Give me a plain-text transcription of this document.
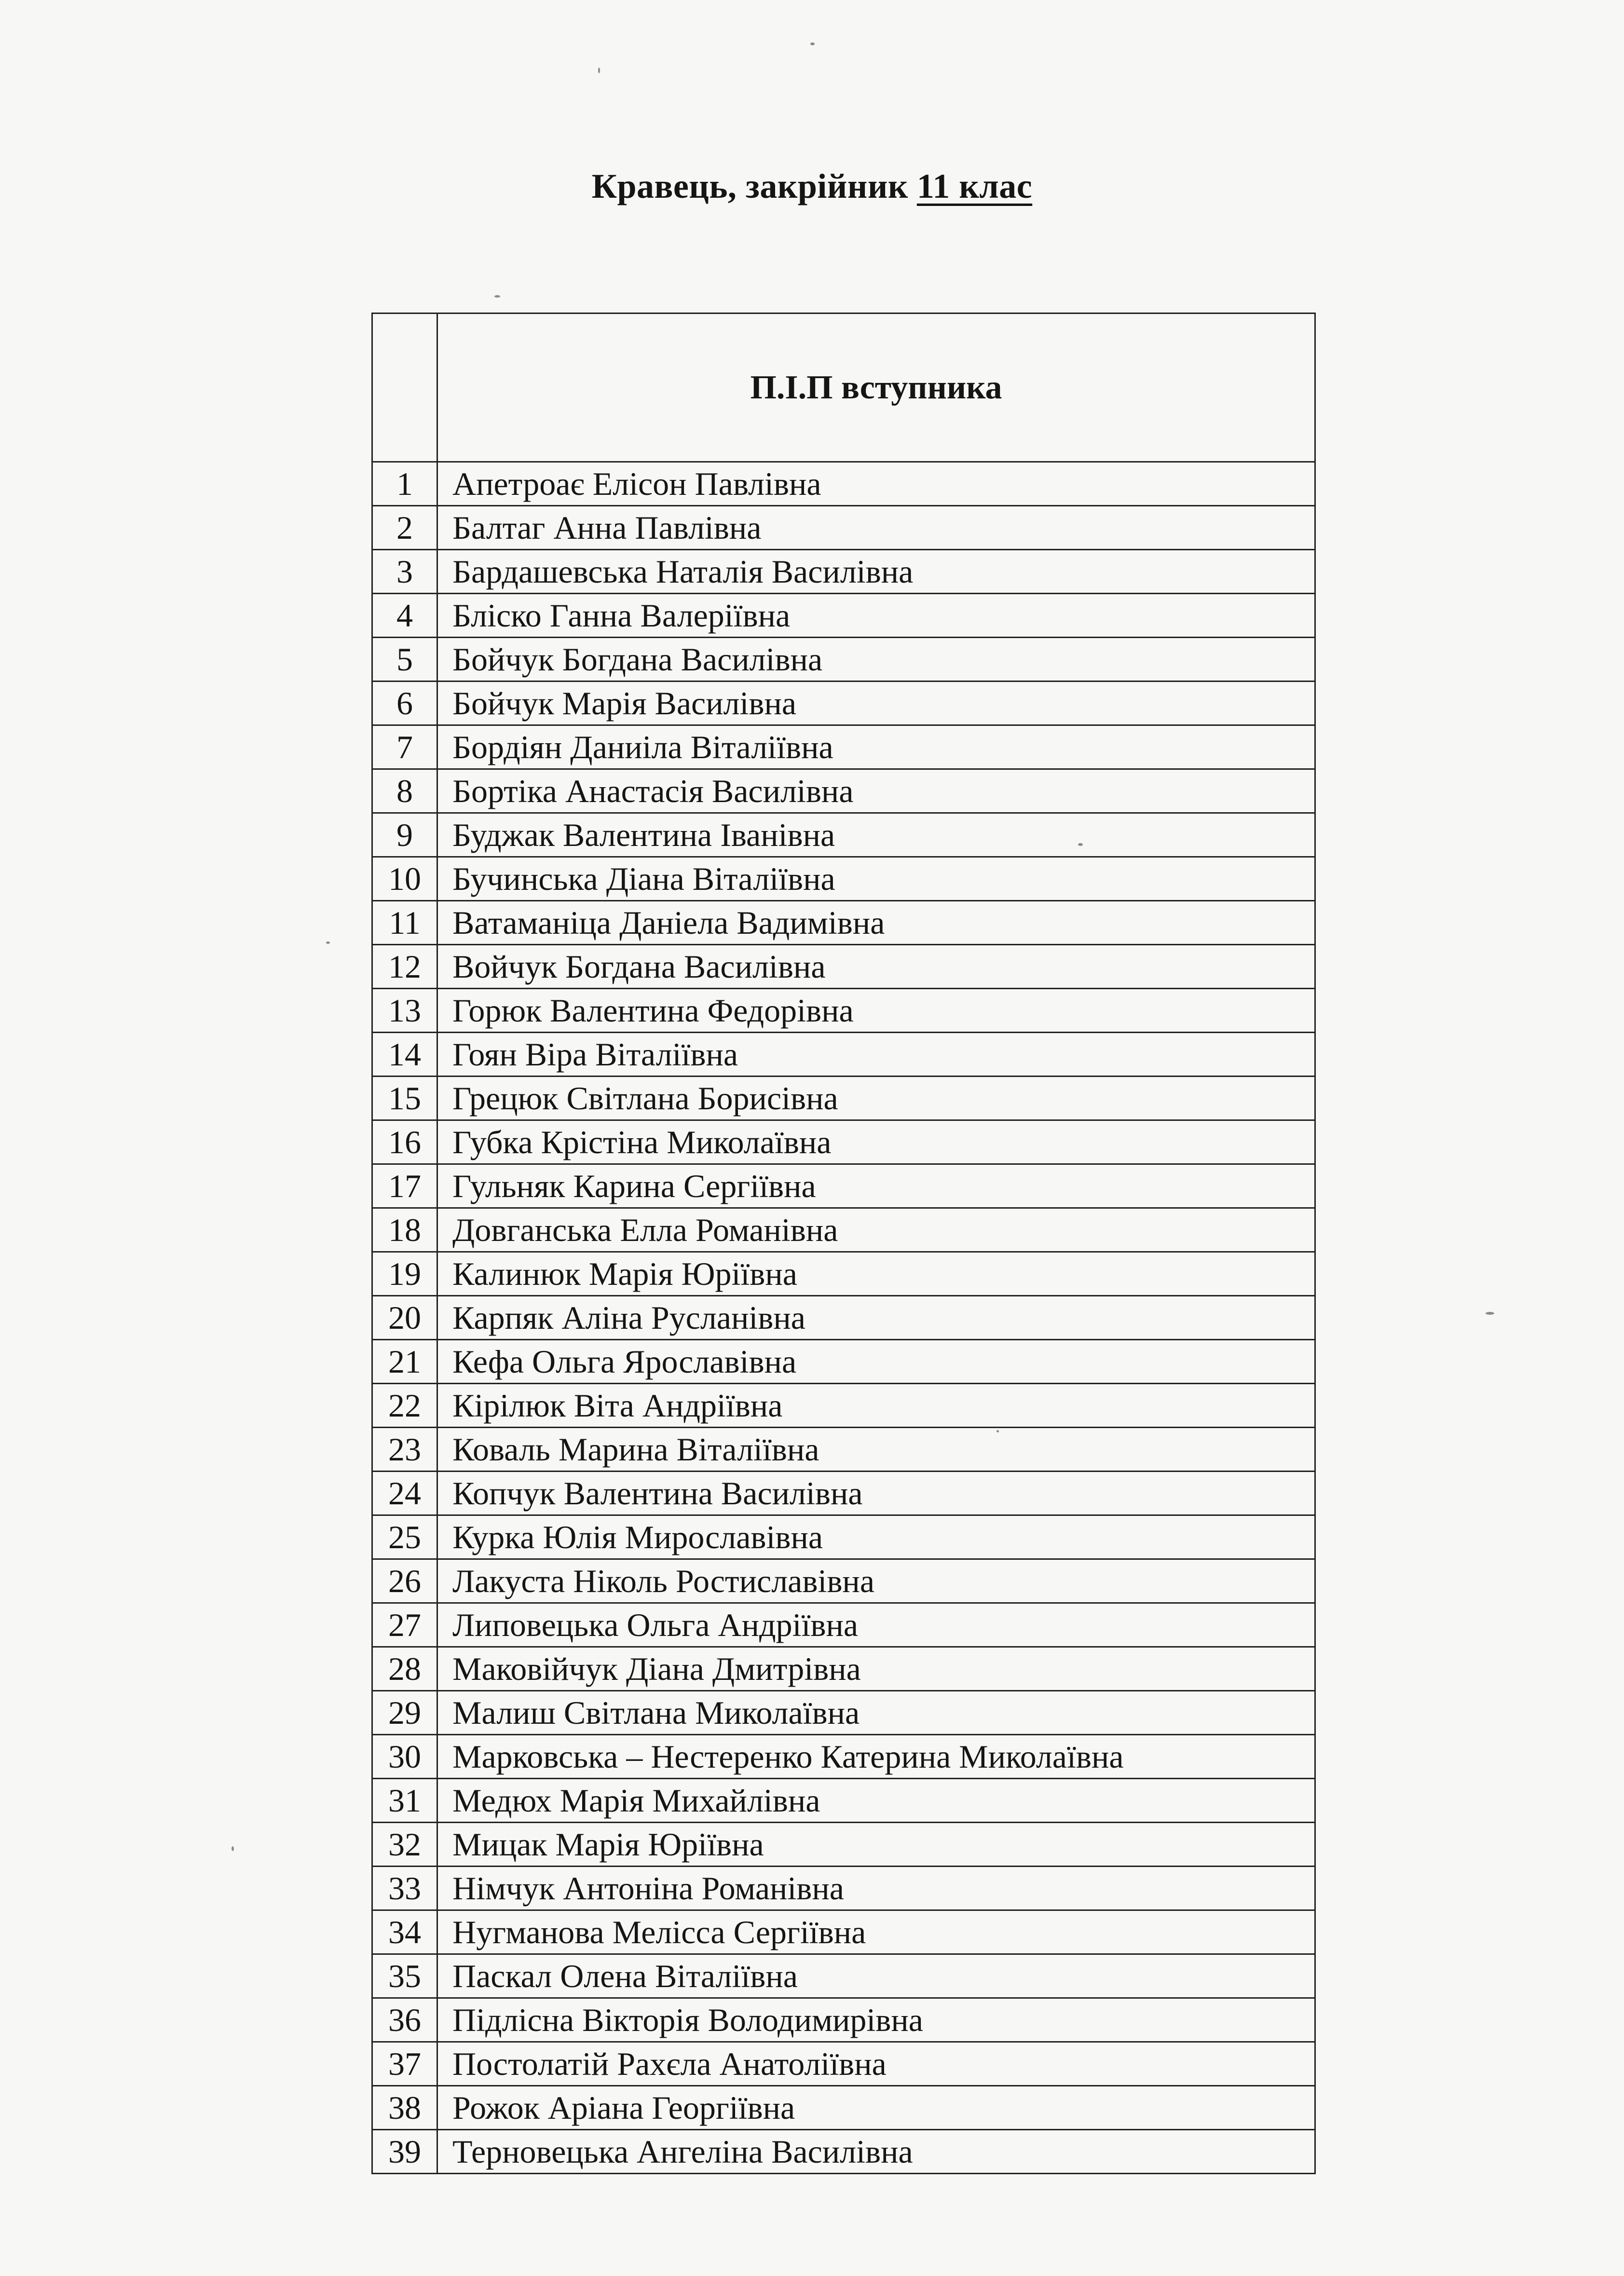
Кравець, закрійник 11 клас
	П.І.П вступника
1	Апетроає Елісон Павлівна
2	Балтаг Анна Павлівна
3	Бардашевська Наталія Василівна
4	Бліско Ганна Валеріївна
5	Бойчук Богдана Василівна
6	Бойчук Марія Василівна
7	Бордіян Даниіла Віталіївна
8	Бортіка Анастасія Василівна
9	Буджак Валентина Іванівна
10	Бучинська Діана Віталіївна
11	Ватаманіца Даніела Вадимівна
12	Войчук Богдана Василівна
13	Горюк Валентина Федорівна
14	Гоян Віра Віталіївна
15	Грецюк Світлана Борисівна
16	Губка Крістіна Миколаївна
17	Гульняк Карина Сергіївна
18	Довганська Елла Романівна
19	Калинюк Марія Юріївна
20	Карпяк Аліна Русланівна
21	Кефа Ольга Ярославівна
22	Кірілюк Віта Андріївна
23	Коваль Марина Віталіївна
24	Копчук Валентина Василівна
25	Курка Юлія Мирославівна
26	Лакуста Ніколь Ростиславівна
27	Липовецька Ольга Андріївна
28	Маковійчук Діана Дмитрівна
29	Малиш Світлана Миколаївна
30	Марковська – Нестеренко Катерина Миколаївна
31	Медюх Марія Михайлівна
32	Мицак Марія Юріївна
33	Німчук Антоніна Романівна
34	Нугманова Мелісса Сергіївна
35	Паскал Олена Віталіївна
36	Підлісна Вікторія Володимирівна
37	Постолатій Рахєла Анатоліївна
38	Рожок Аріана Георгіївна
39	Терновецька Ангеліна Василівна
